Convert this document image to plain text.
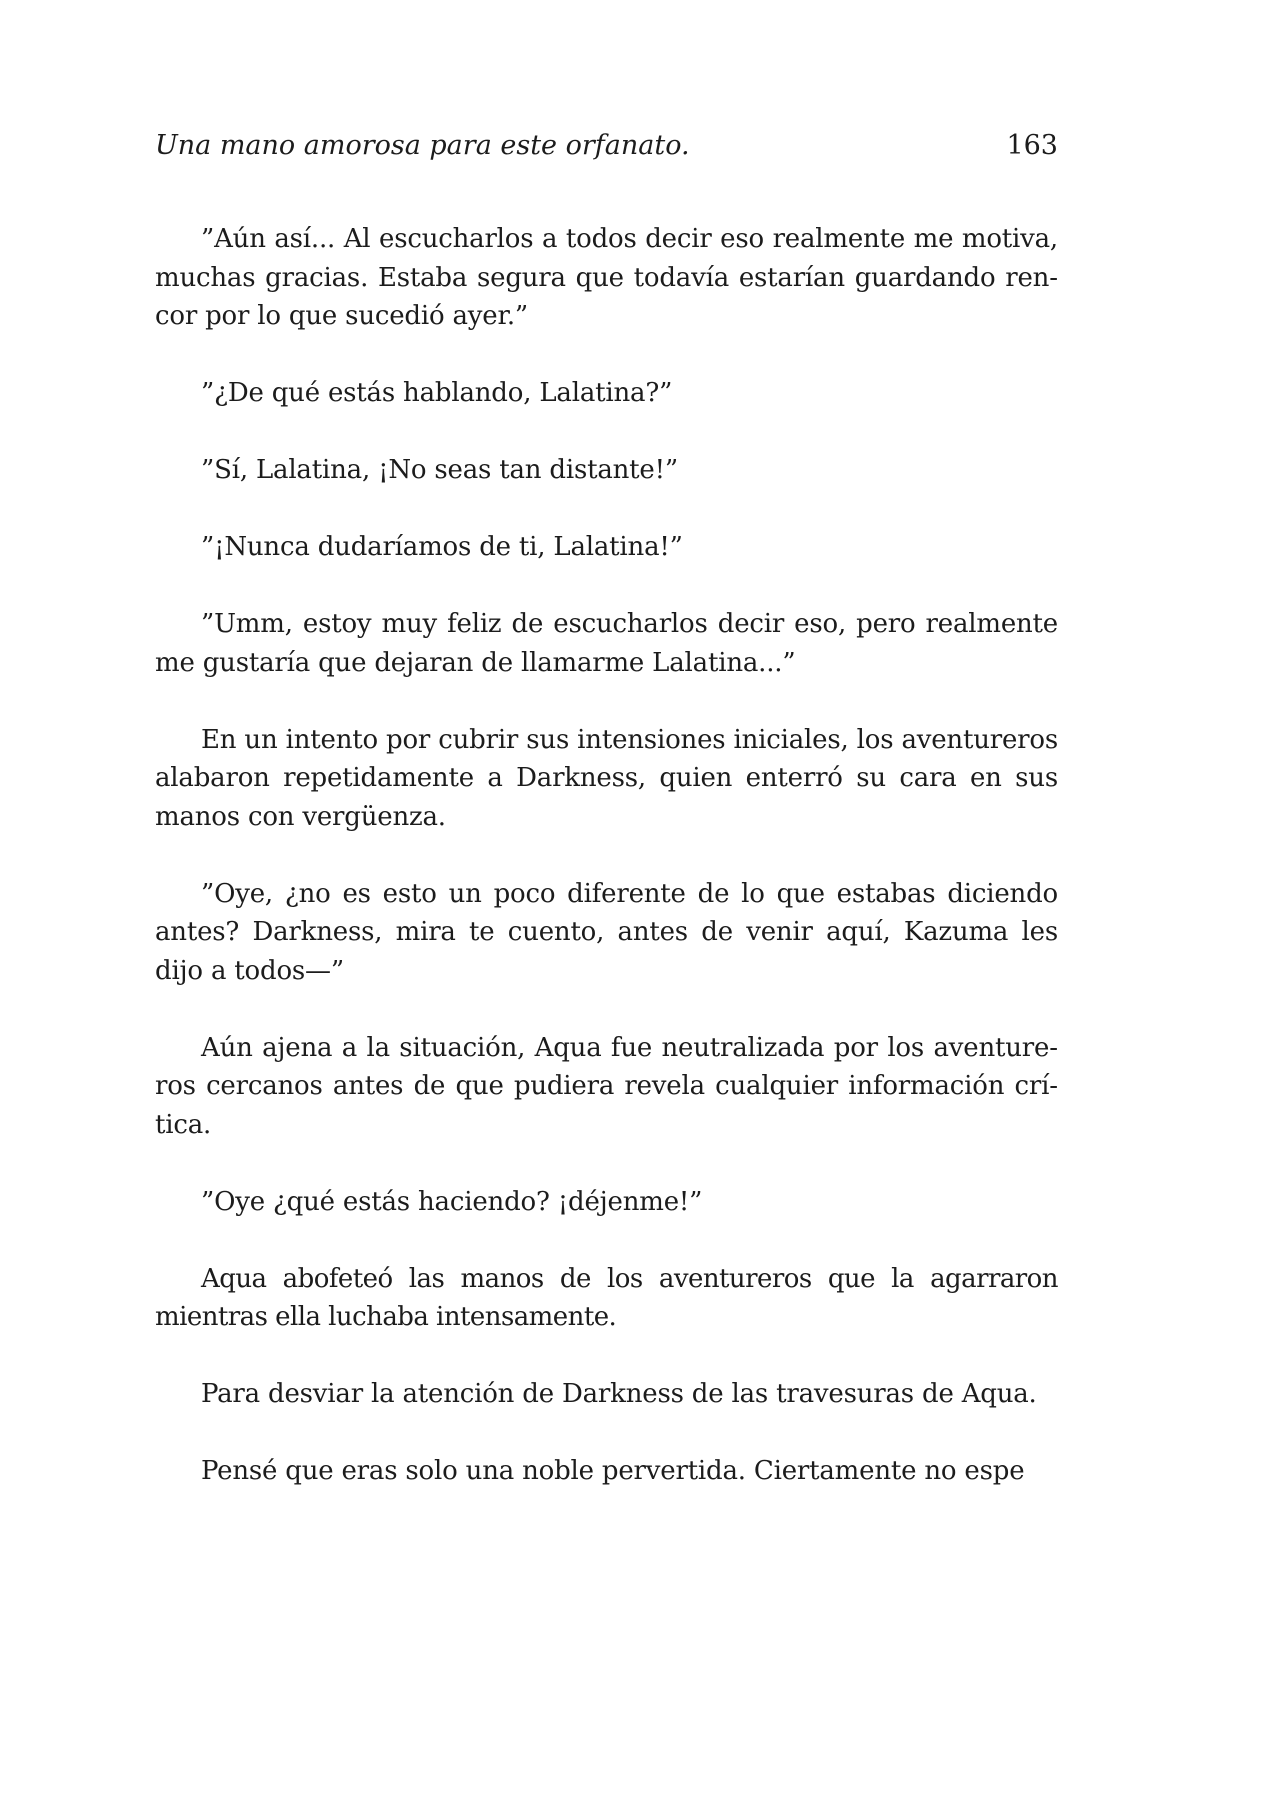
Una mano amorosa para este orfanato.	163

”Aún así... Al escucharlos a todos decir eso realmente me motiva, muchas gracias. Estaba segura que todavía estarían guardando rencor por lo que sucedió ayer.”

”¿De qué estás hablando, Lalatina?”

”Sí, Lalatina, ¡No seas tan distante!”

”¡Nunca dudaríamos de ti, Lalatina!”

”Umm, estoy muy feliz de escucharlos decir eso, pero realmente me gustaría que dejaran de llamarme Lalatina...”

En un intento por cubrir sus intensiones iniciales, los aventureros alabaron repetidamente a Darkness, quien enterró su cara en sus manos con vergüenza.

”Oye, ¿no es esto un poco diferente de lo que estabas diciendo antes? Darkness, mira te cuento, antes de venir aquí, Kazuma les dijo a todos—”

Aún ajena a la situación, Aqua fue neutralizada por los aventureros cercanos antes de que pudiera revela cualquier información crítica.

”Oye ¿qué estás haciendo? ¡déjenme!”

Aqua abofeteó las manos de los aventureros que la agarraron mientras ella luchaba intensamente.

Para desviar la atención de Darkness de las travesuras de Aqua.

Pensé que eras solo una noble pervertida. Ciertamente no espe
